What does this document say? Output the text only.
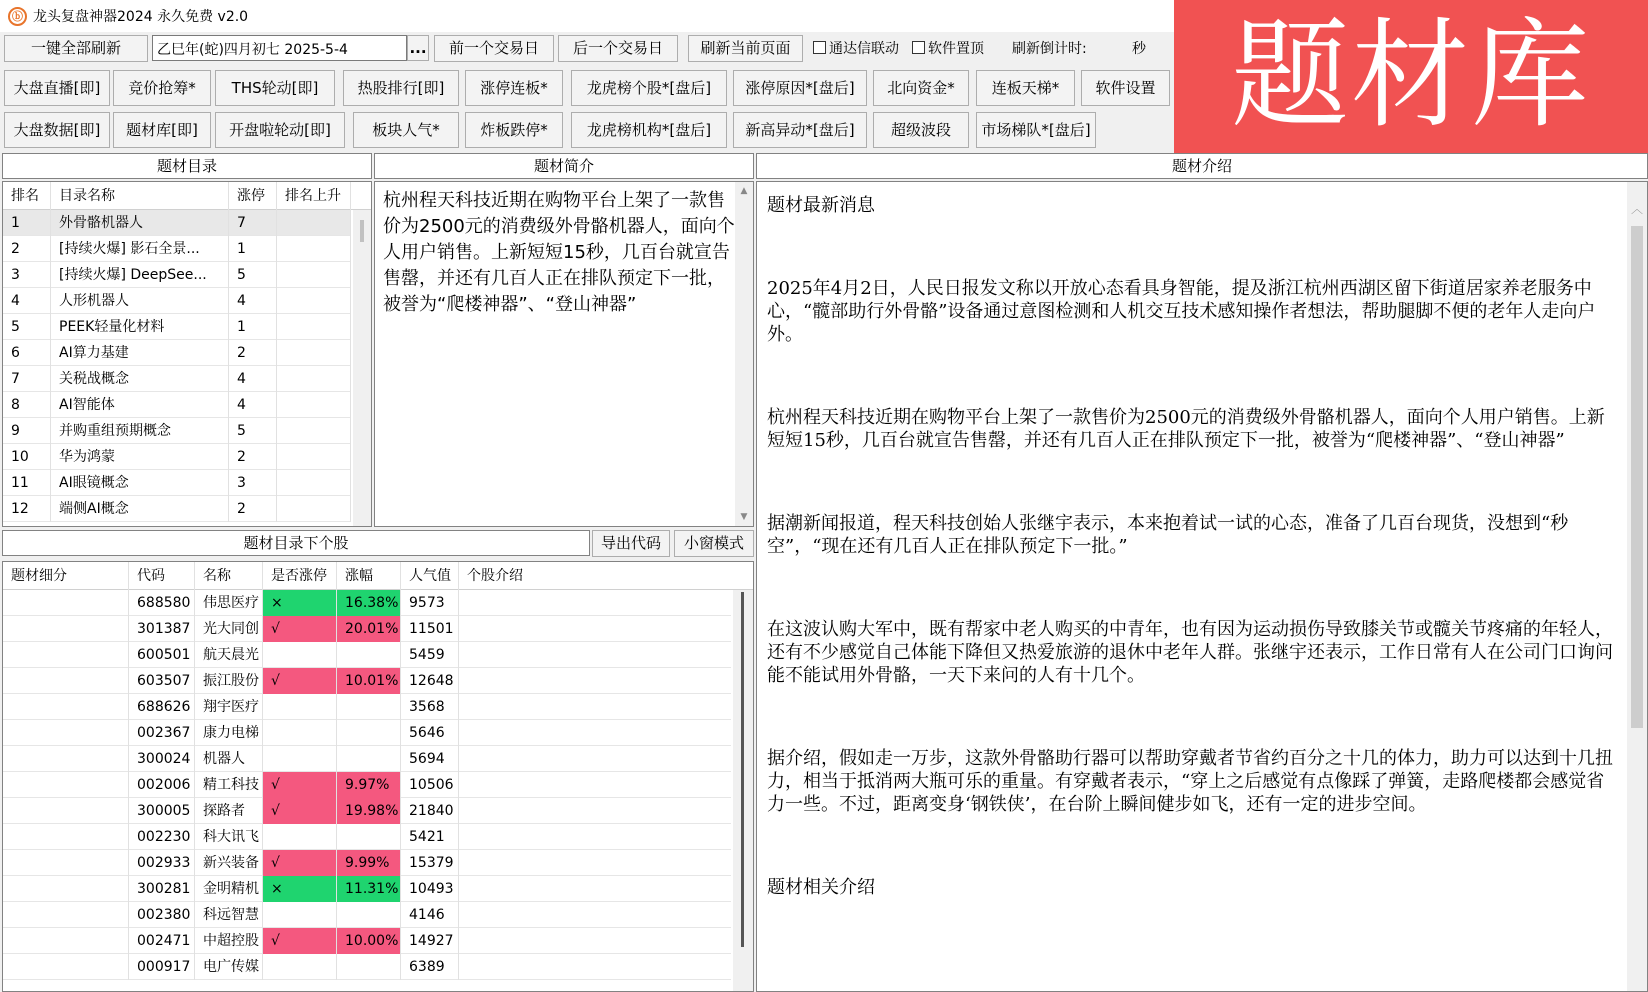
ⓑ 龙头复盘神器2024 永久免费 v2.0	题材库
一键全部刷新	乙巳年(蛇)四月初七 2025-5-4	...	前一个交易日	后一个交易日	刷新当前页面	通达信联动	软件置顶 刷新倒计时:	秒
大盘直播[即]	竞价抢筹*	THS轮动[即]	热股排行[即]	涨停连板*	龙虎榜个股*[盘后]	涨停原因*[盘后]	北向资金*	连板天梯*	软件设置
大盘数据[即]	题材库[即]	开盘啦轮动[即]	板块人气*	炸板跌停*	龙虎榜机构*[盘后]	新高异动*[盘后]	超级波段	市场梯队*[盘后]
题材目录
排名	目录名称	涨停	排名上升
1	外骨骼机器人	7
2	[持续火爆] 影石全景...	1
3	[持续火爆] DeepSee...	5
4	人形机器人	4
5	PEEK轻量化材料	1
6	AI算力基建	2
7	关税战概念	4
8	AI智能体	4
9	并购重组预期概念	5
10	华为鸿蒙	2
11	AI眼镜概念	3
12	端侧AI概念	2
题材简介
杭州程天科技近期在购物平台上架了一款售价为2500元的消费级外骨骼机器人，面向个人用户销售。上新短短15秒，几百台就宣告售罄，并还有几百人正在排队预定下一批，被誉为“爬楼神器”、“登山神器”
▲
▼
题材介绍

题材最新消息

2025年4月2日，人民日报发文称以开放心态看具身智能，提及浙江杭州西湖区留下街道居家养老服务中心，“髋部助行外骨骼”设备通过意图检测和人机交互技术感知操作者想法，帮助腿脚不便的老年人走向户外。

杭州程天科技近期在购物平台上架了一款售价为2500元的消费级外骨骼机器人，面向个人用户销售。上新短短15秒，几百台就宣告售罄，并还有几百人正在排队预定下一批，被誉为“爬楼神器”、“登山神器”

据潮新闻报道，程天科技创始人张继宇表示，本来抱着试一试的心态，准备了几百台现货，没想到“秒空”，“现在还有几百人正在排队预定下一批。”

在这波认购大军中，既有帮家中老人购买的中青年，也有因为运动损伤导致膝关节或髋关节疼痛的年轻人，还有不少感觉自己体能下降但又热爱旅游的退休中老年人群。张继宇还表示，工作日常有人在公司门口询问能不能试用外骨骼，一天下来问的人有十几个。

据介绍，假如走一万步，这款外骨骼助行器可以帮助穿戴者节省约百分之十几的体力，助力可以达到十几扭力，相当于抵消两大瓶可乐的重量。有穿戴者表示，“穿上之后感觉有点像踩了弹簧，走路爬楼都会感觉省力一些。不过，距离变身‘钢铁侠’，在台阶上瞬间健步如飞，还有一定的进步空间。

题材相关介绍

︿
题材目录下个股	导出代码	小窗模式
题材细分	代码	名称	是否涨停	涨幅	人气值	个股介绍
688580 伟思医疗 ×	16.38% 9573
301387 光大同创 √	20.01% 11501
600501 航天晨光	5459
603507 振江股份 √	10.01% 12648
688626 翔宇医疗	3568
002367 康力电梯	5646
300024 机器人	5694
002006 精工科技 √	9.97%	10506
300005 探路者	√	19.98% 21840
002230 科大讯飞	5421
002933 新兴装备 √	9.99%	15379
300281 金明精机 ×	11.31% 10493
002380 科远智慧	4146
002471 中超控股 √	10.00% 14927
000917 电广传媒	6389
